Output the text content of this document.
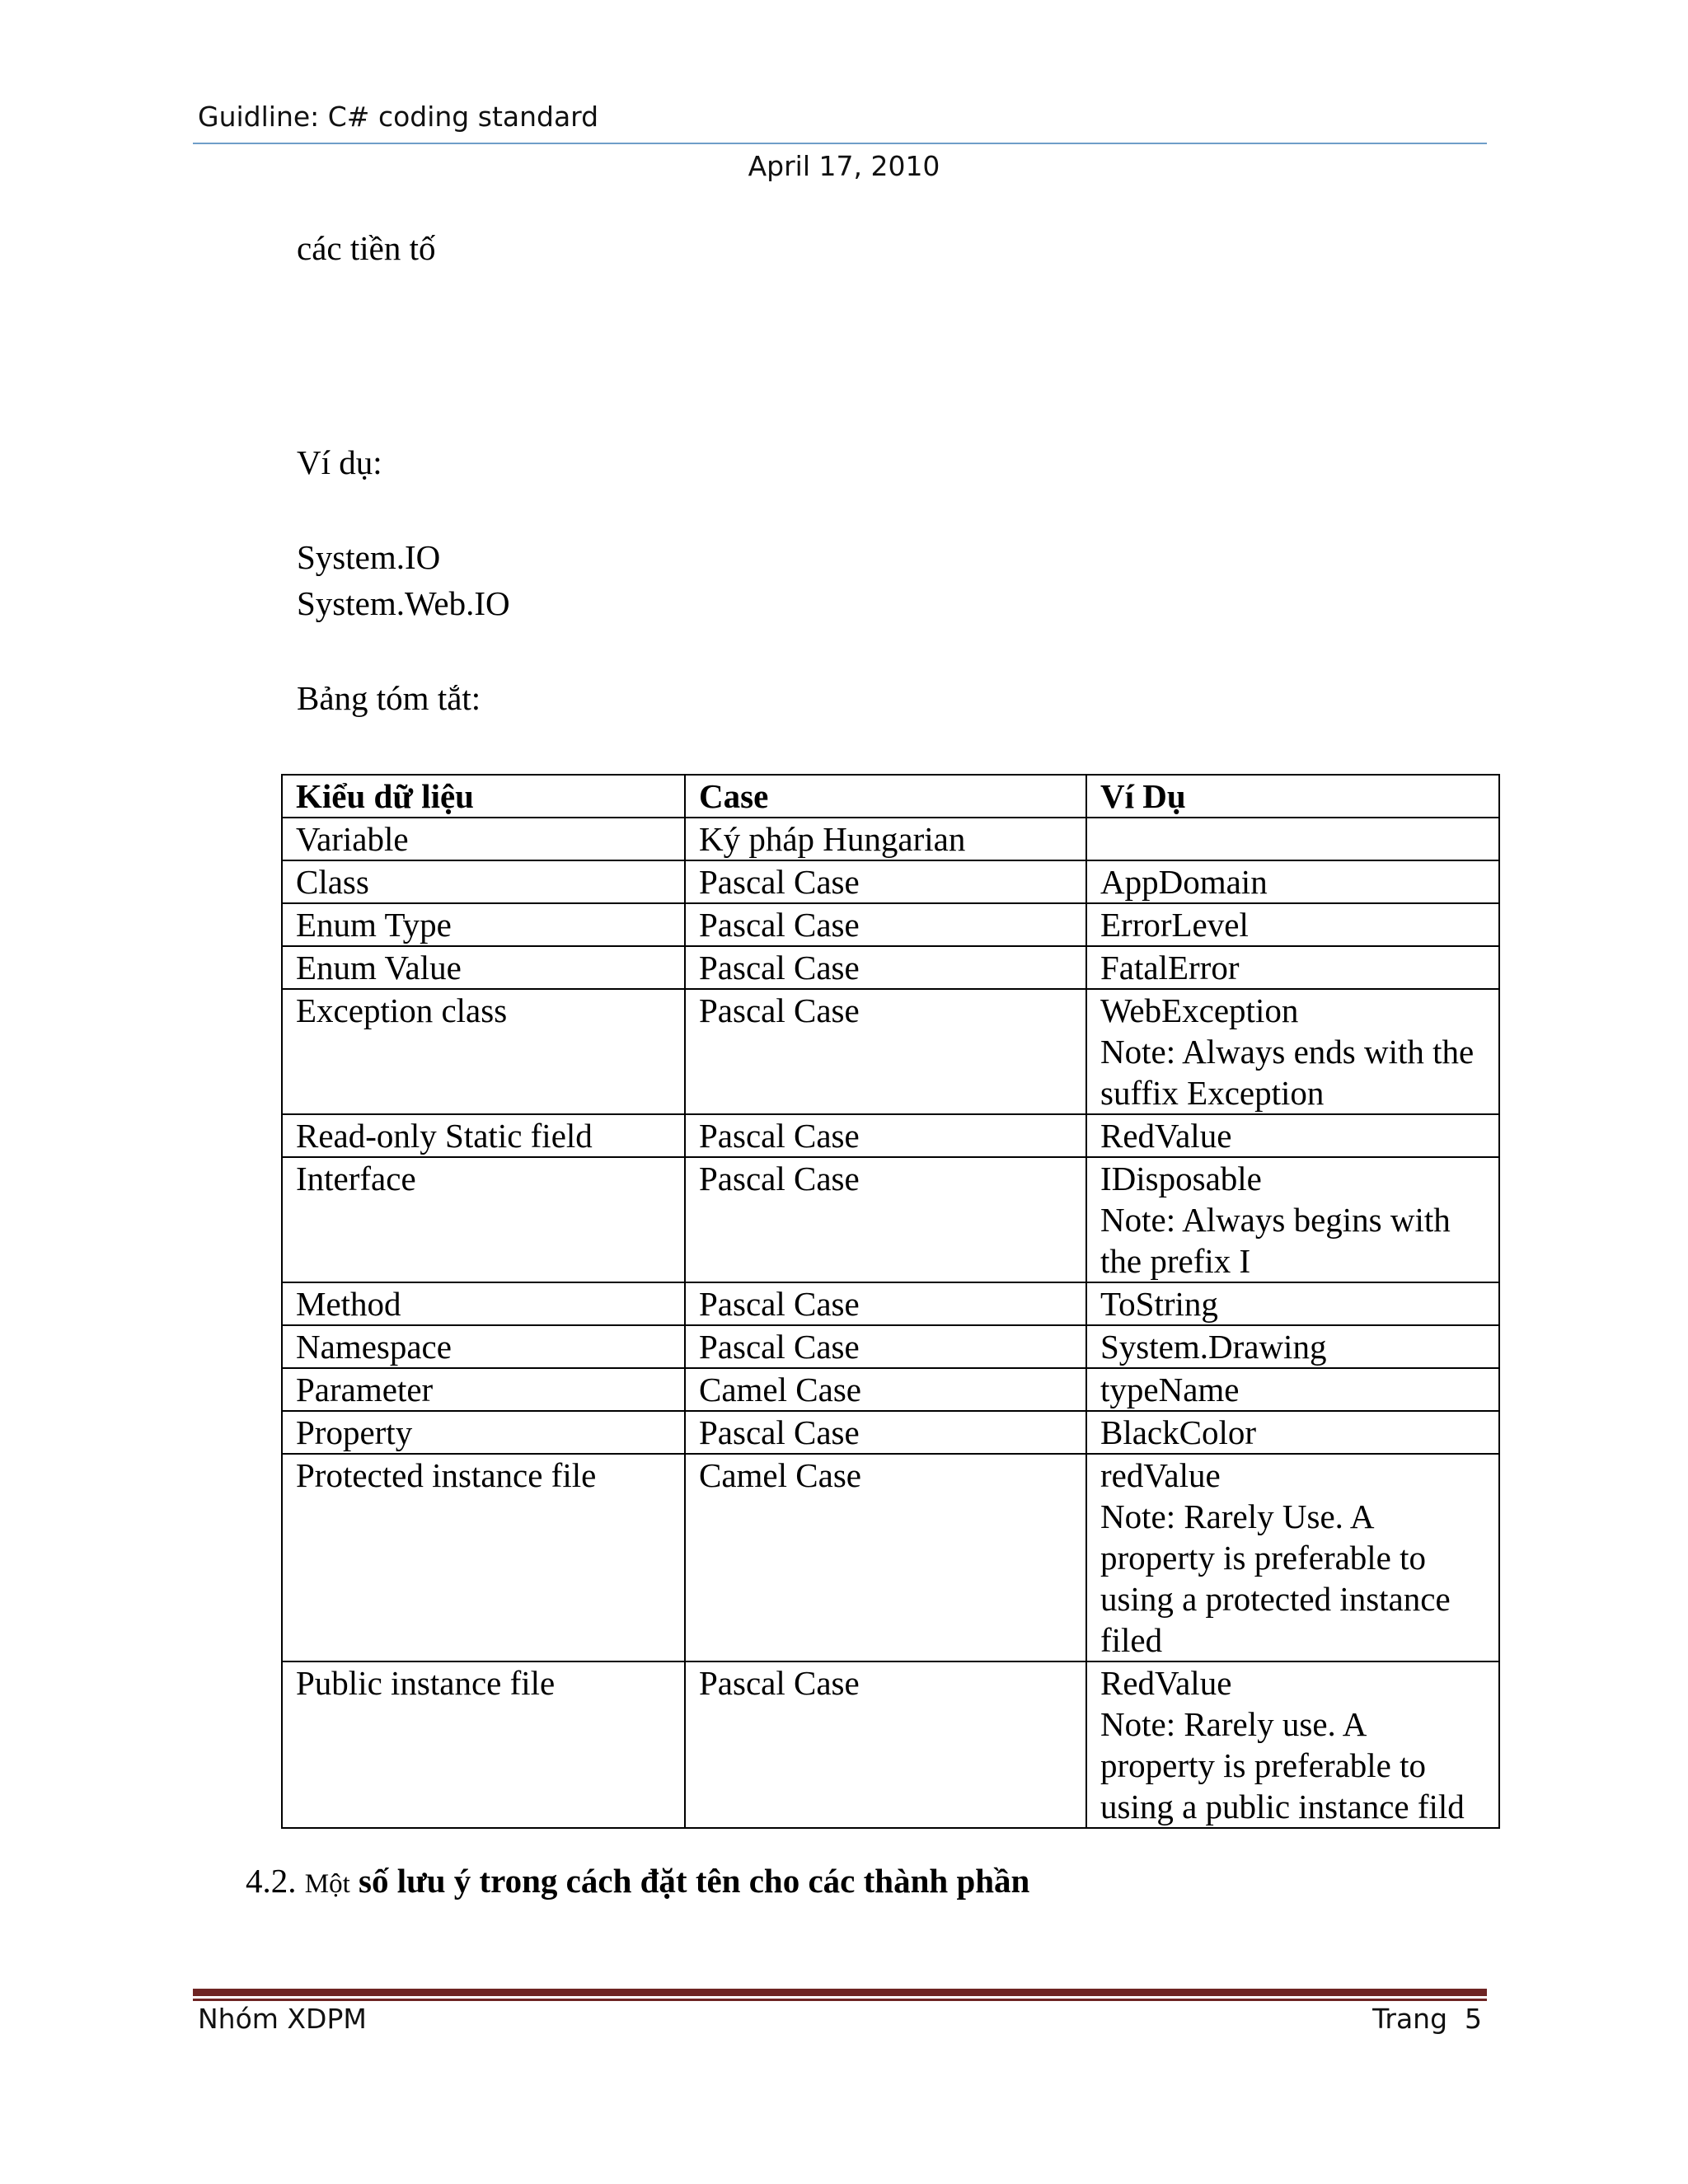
Guidline: C# coding standard
April 17, 2010
các tiền tố
Ví dụ:
System.IO
System.Web.IO
Bảng tóm tắt:
Kiểu dữ liệu	Case	Ví Dụ
Variable	Ký pháp Hungarian	

Class	Pascal Case	AppDomain

Enum Type	Pascal Case	ErrorLevel

Enum Value	Pascal Case	FatalError

Exception class	Pascal Case	WebException
Note: Always ends with the suffix Exception

Read-only Static field	Pascal Case	RedValue

Interface	Pascal Case	IDisposable
Note: Always begins with the prefix I

Method	Pascal Case	ToString

Namespace	Pascal Case	System.Drawing

Parameter	Camel Case	typeName

Property	Pascal Case	BlackColor

Protected instance file	Camel Case	redValue
Note: Rarely Use. A property is preferable to using a protected instance filed

Public instance file	Pascal Case	RedValue
Note: Rarely use. A property is preferable to using a public instance fild
4.2. Một số lưu ý trong cách đặt tên cho các thành phần
Nhóm XDPM	Trang  5
